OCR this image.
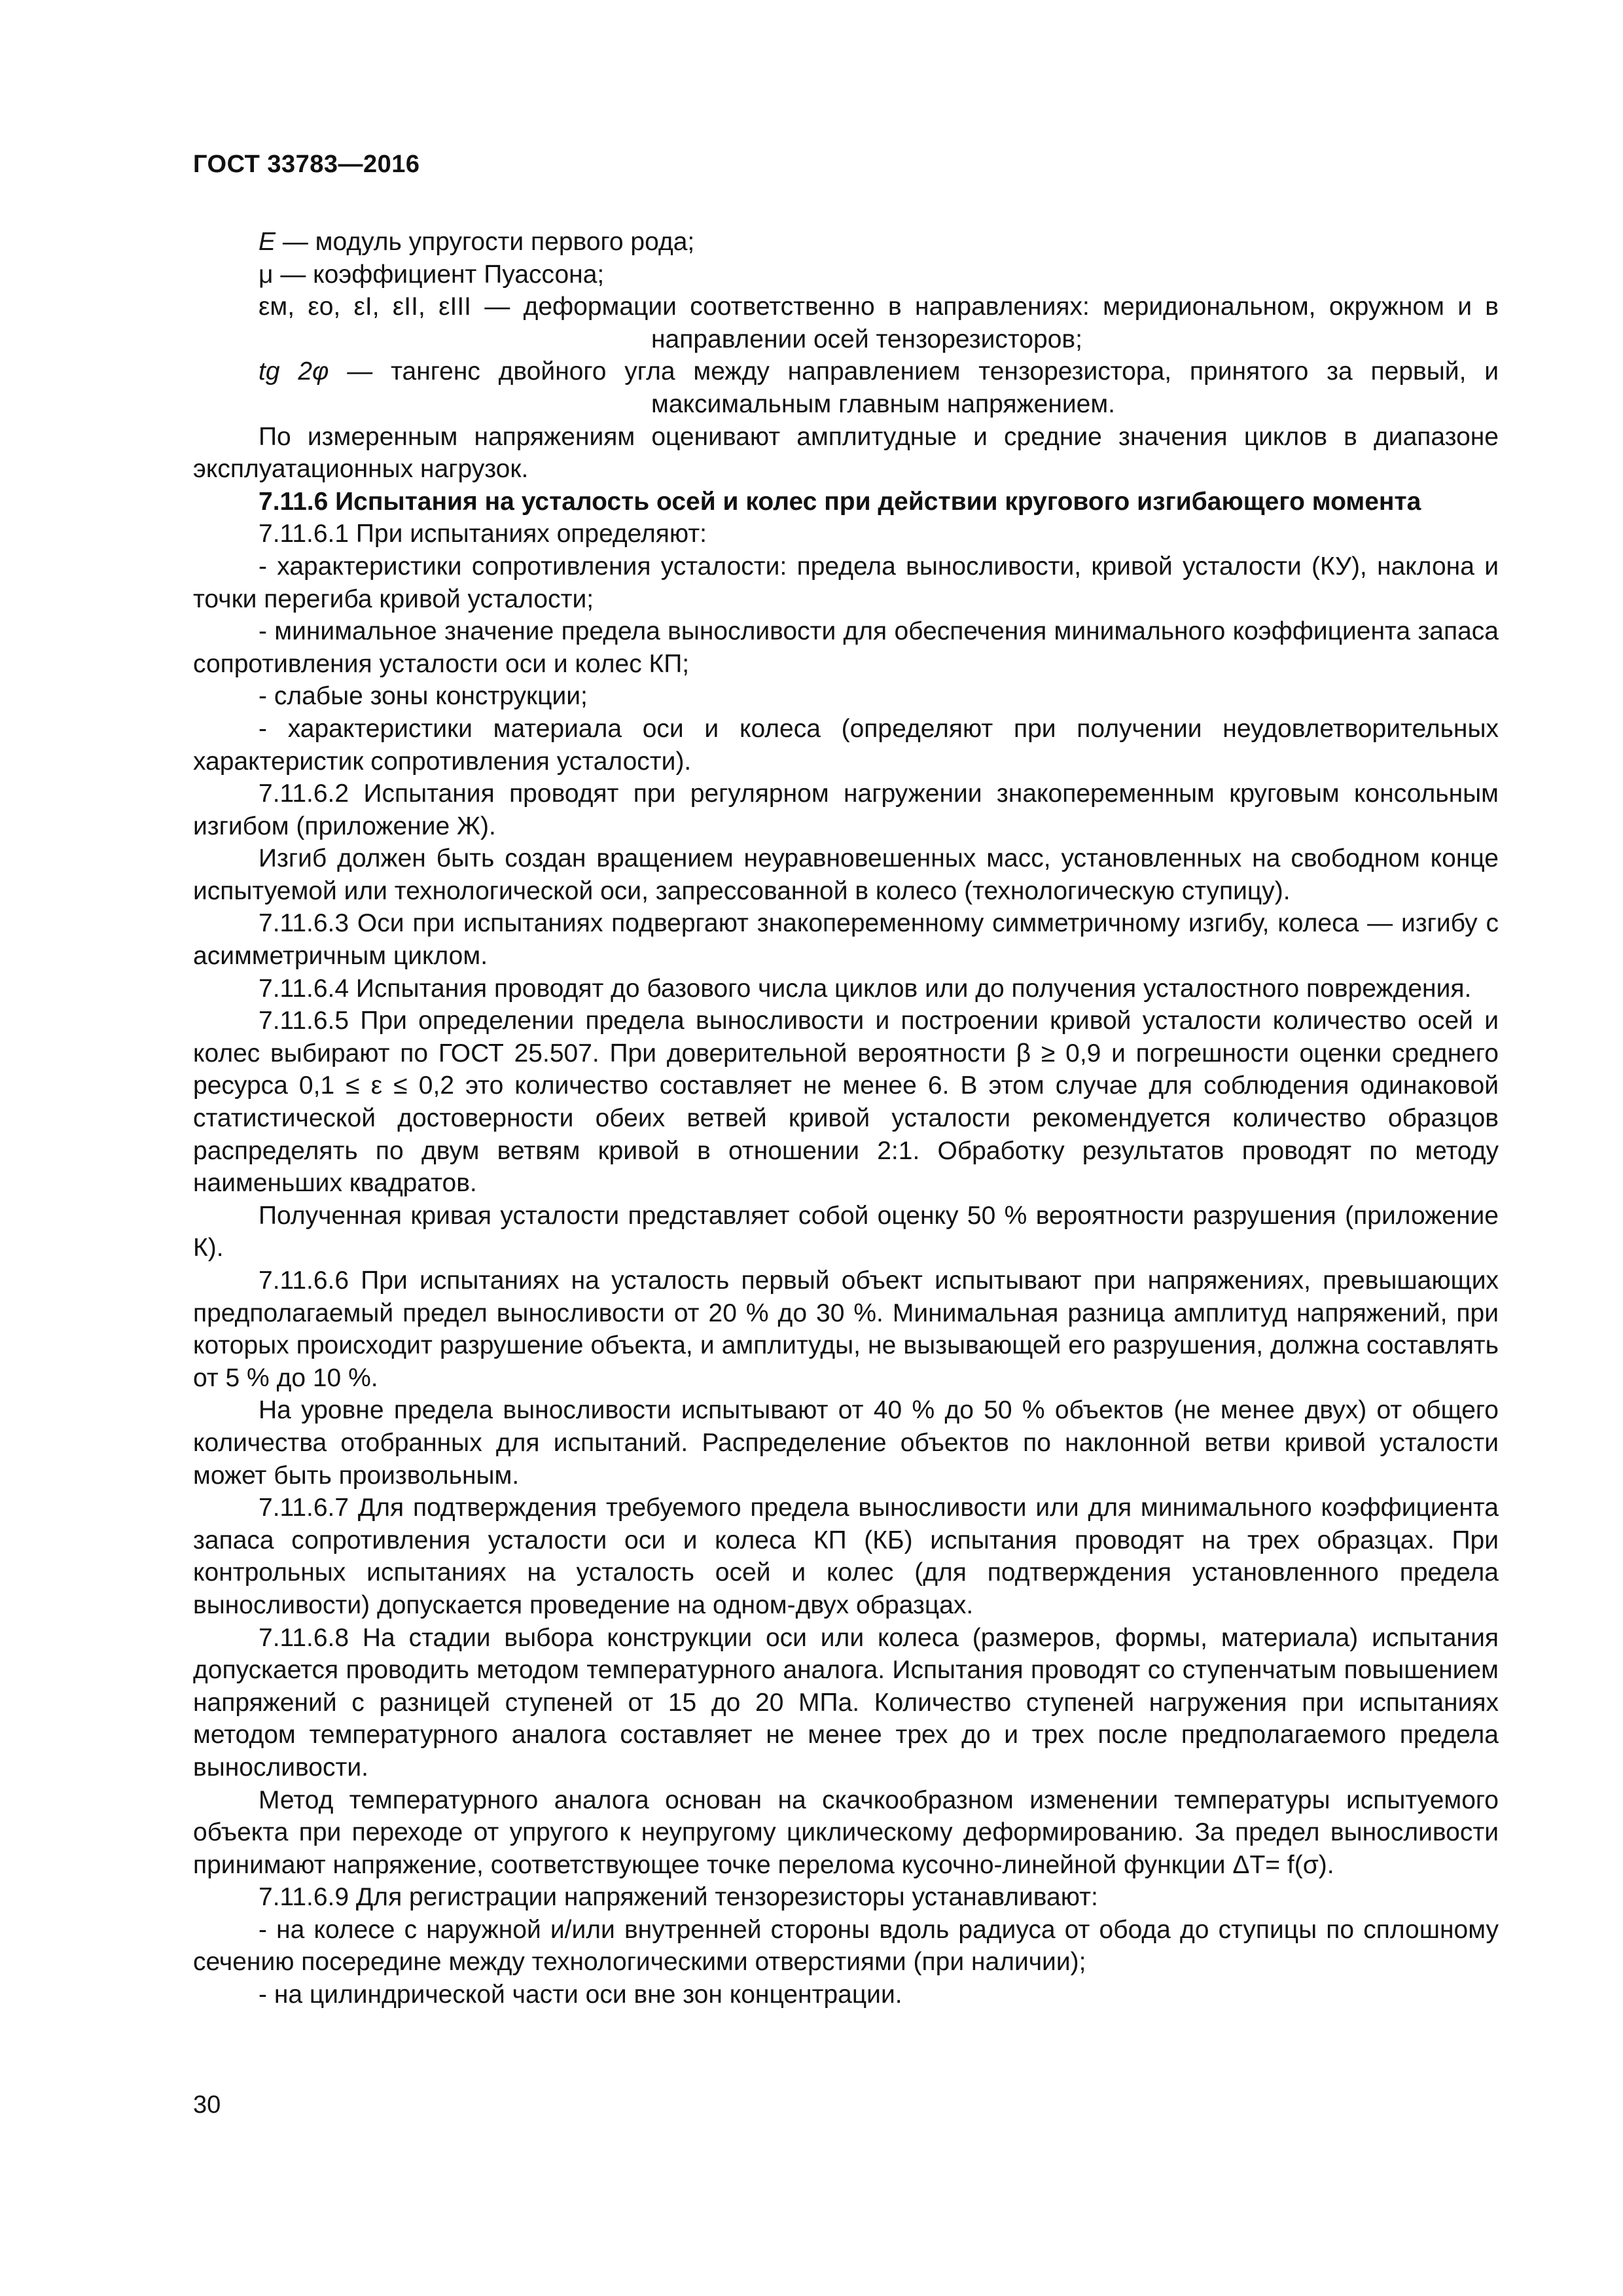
ГОСТ 33783—2016

E — модуль упругости первого рода;

μ — коэффициент Пуассона;

εм, εо, εI, εII, εIII — деформации соответственно в направлениях: меридиональном, окружном и в направлении осей тензорезисторов;

tg 2φ — тангенс двойного угла между направлением тензорезистора, принятого за первый, и максимальным главным напряжением.

По измеренным напряжениям оценивают амплитудные и средние значения циклов в диапазоне эксплуатационных нагрузок.

7.11.6 Испытания на усталость осей и колес при действии кругового изгибающего момента

7.11.6.1 При испытаниях определяют:

- характеристики сопротивления усталости: предела выносливости, кривой усталости (КУ), наклона и точки перегиба кривой усталости;

- минимальное значение предела выносливости для обеспечения минимального коэффициента запаса сопротивления усталости оси и колес КП;

- слабые зоны конструкции;

- характеристики материала оси и колеса (определяют при получении неудовлетворительных характеристик сопротивления усталости).

7.11.6.2 Испытания проводят при регулярном нагружении знакопеременным круговым консольным изгибом (приложение Ж).

Изгиб должен быть создан вращением неуравновешенных масс, установленных на свободном конце испытуемой или технологической оси, запрессованной в колесо (технологическую ступицу).

7.11.6.3 Оси при испытаниях подвергают знакопеременному симметричному изгибу, колеса — изгибу с асимметричным циклом.

7.11.6.4 Испытания проводят до базового числа циклов или до получения усталостного повреждения.

7.11.6.5 При определении предела выносливости и построении кривой усталости количество осей и колес выбирают по ГОСТ 25.507. При доверительной вероятности β ≥ 0,9 и погрешности оценки среднего ресурса 0,1 ≤ ε ≤ 0,2 это количество составляет не менее 6. В этом случае для соблюдения одинаковой статистической достоверности обеих ветвей кривой усталости рекомендуется количество образцов распределять по двум ветвям кривой в отношении 2:1. Обработку результатов проводят по методу наименьших квадратов.

Полученная кривая усталости представляет собой оценку 50 % вероятности разрушения (приложение К).

7.11.6.6 При испытаниях на усталость первый объект испытывают при напряжениях, превышающих предполагаемый предел выносливости от 20 % до 30 %. Минимальная разница амплитуд напряжений, при которых происходит разрушение объекта, и амплитуды, не вызывающей его разрушения, должна составлять от 5 % до 10 %.

На уровне предела выносливости испытывают от 40 % до 50 % объектов (не менее двух) от общего количества отобранных для испытаний. Распределение объектов по наклонной ветви кривой усталости может быть произвольным.

7.11.6.7 Для подтверждения требуемого предела выносливости или для минимального коэффициента запаса сопротивления усталости оси и колеса КП (КБ) испытания проводят на трех образцах. При контрольных испытаниях на усталость осей и колес (для подтверждения установленного предела выносливости) допускается проведение на одном-двух образцах.

7.11.6.8 На стадии выбора конструкции оси или колеса (размеров, формы, материала) испытания допускается проводить методом температурного аналога. Испытания проводят со ступенчатым повышением напряжений с разницей ступеней от 15 до 20 МПа. Количество ступеней нагружения при испытаниях методом температурного аналога составляет не менее трех до и трех после предполагаемого предела выносливости.

Метод температурного аналога основан на скачкообразном изменении температуры испытуемого объекта при переходе от упругого к неупругому циклическому деформированию. За предел выносливости принимают напряжение, соответствующее точке перелома кусочно-линейной функции ΔT= f(σ).

7.11.6.9 Для регистрации напряжений тензорезисторы устанавливают:

- на колесе с наружной и/или внутренней стороны вдоль радиуса от обода до ступицы по сплошному сечению посередине между технологическими отверстиями (при наличии);

- на цилиндрической части оси вне зон концентрации.

30
